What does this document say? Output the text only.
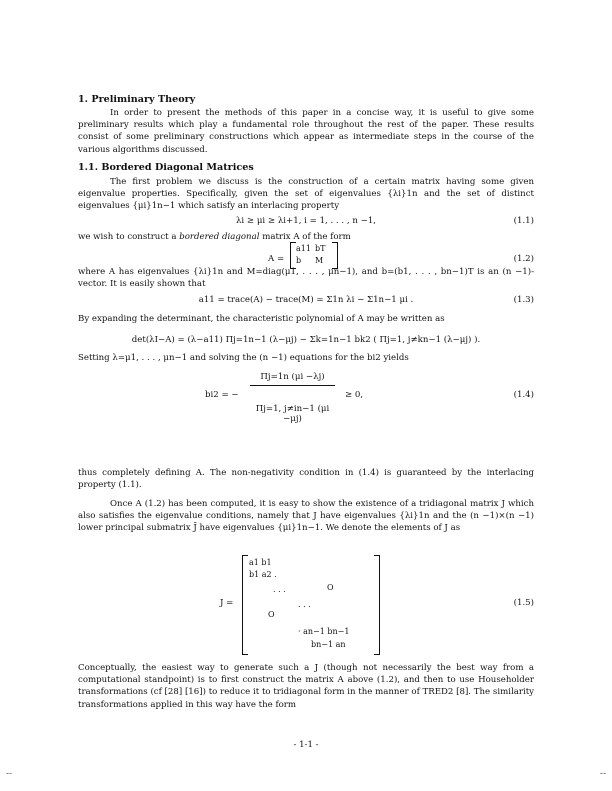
1. Preliminary Theory
In order to present the methods of this paper in a concise way, it is useful to give some preliminary results which play a fundamental role throughout the rest of the paper. These results consist of some preliminary constructions which appear as intermediate steps in the course of the various algorithms discussed.
1.1. Bordered Diagonal Matrices
The first problem we discuss is the construction of a certain matrix having some given eigenvalue properties. Specifically, given the set of eigenvalues {λi}1n and the set of distinct eigenvalues {μi}1n−1 which satisfy an interlacing property
λi ≥ μi ≥ λi+1, i = 1, . . . , n −1,	(1.1)
we wish to construct a bordered diagonal matrix A of the form
A =
a11 bT
b M	(1.2)
where A has eigenvalues {λi}1n and M=diag(μ1, . . . , μn−1), and b=(b1, . . . , bn−1)T is an (n −1)-vector. It is easily shown that
a11 = trace(A) − trace(M) = Σ1n λi − Σ1n−1 μi .	(1.3)
By expanding the determinant, the characteristic polynomial of A may be written as
det(λI−A) = (λ−a11) Πj=1n−1 (λ−μj) − Σk=1n−1 bk2 ( Πj=1, j≠kn−1 (λ−μj) ).
Setting λ=μ1, . . . , μn−1 and solving the (n −1) equations for the bi2 yields
bi2 = −
Πj=1n (μi −λj)
Πj=1, j≠in−1 (μi −μj)
≥ 0,	(1.4)
thus completely defining A. The non-negativity condition in (1.4) is guaranteed by the interlacing property (1.1).
Once A (1.2) has been computed, it is easy to show the existence of a tridiagonal matrix J which also satisfies the eigenvalue conditions, namely that J have eigenvalues {λi}1n and the (n −1)×(n −1) lower principal submatrix J̄ have eigenvalues {μi}1n−1. We denote the elements of J as
J =
a1 b1
b1 a2 .
. . .	O
O
. . .
· an−1 bn−1
bn−1 an
(1.5)
Conceptually, the easiest way to generate such a J (though not necessarily the best way from a computational standpoint) is to first construct the matrix A above (1.2), and then to use Householder transformations (cf [28] [16]) to reduce it to tridiagonal form in the manner of TRED2 [8]. The similarity transformations applied in this way have the form
- 1-1 -
--	--
